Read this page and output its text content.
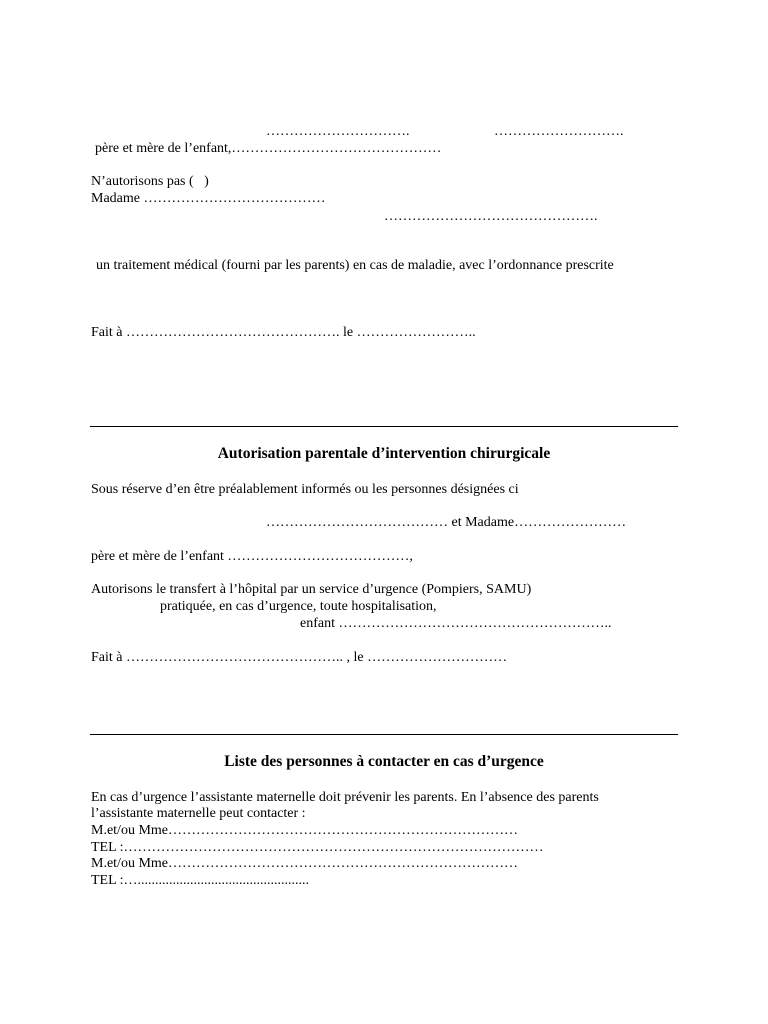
………………………….	……………………….
père et mère de l’enfant,………………………………………
N’autorisons pas (   )
Madame …………………………………
……………………………………….
un traitement médical (fourni par les parents) en cas de maladie, avec l’ordonnance prescrite
Fait à ………………………………………. le ……………………..
Autorisation parentale d’intervention chirurgicale
Sous réserve d’en être préalablement informés ou les personnes désignées ci
………………………………… et Madame……………………
père et mère de l’enfant …………………………………,
Autorisons le transfert à l’hôpital par un service d’urgence (Pompiers, SAMU)
pratiquée, en cas d’urgence, toute hospitalisation,
enfant …………………………………………………..
Fait à ……………………………………….. , le …………………………
Liste des personnes à contacter en cas d’urgence
En cas d’urgence l’assistante maternelle doit prévenir les parents. En l’absence des parents
l’assistante maternelle peut contacter :
M.et/ou Mme…………………………………………………………………
TEL :………………………………………………………………………………
M.et/ou Mme…………………………………………………………………
TEL :….................................................
